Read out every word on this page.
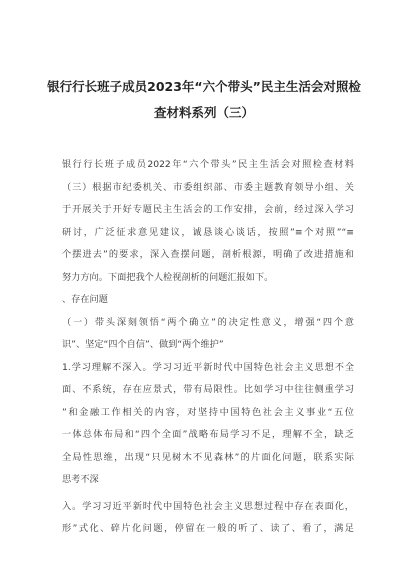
银行行长班子成员2023年“六个带头”民主生活会对照检
查材料系列（三）
银行行长班子成员2022年“六个带头”民主生活会对照检查材料
（三）根据市纪委机关、市委组织部、市委主题教育领导小组、关
于开展关于开好专题民主生活会的工作安排，会前，经过深入学习
研讨，广泛征求意见建议，诚恳谈心谈话，按照”≡个对照”“≡
个摆进去”的要求，深入查摆问题，剖析根源，明确了改进措施和
努力方向。下面把我个人检视剖析的问题汇报如下。
、存在问题
（一）带头深刻领悟“两个确立”的决定性意义，增强“四个意
识”、坚定“四个自信”、做到“两个维护”
1.学习理解不深入。学习习近平新时代中国特色社会主义思想不全
面、不系统，存在应景式，带有局限性。比如学习中往往侧重学习
”和金融工作相关的内容，对坚持中国特色社会主义事业“五位
一体总体布局和“四个全面”战略布局学习不足，理解不全，缺乏
全局性思维，出现“只见树木不见森林”的片面化问题，联系实际
思考不深
入。学习习近平新时代中国特色社会主义思想过程中存在表面化，
形”式化、碎片化问题，停留在一般的听了、读了、看了，满足
